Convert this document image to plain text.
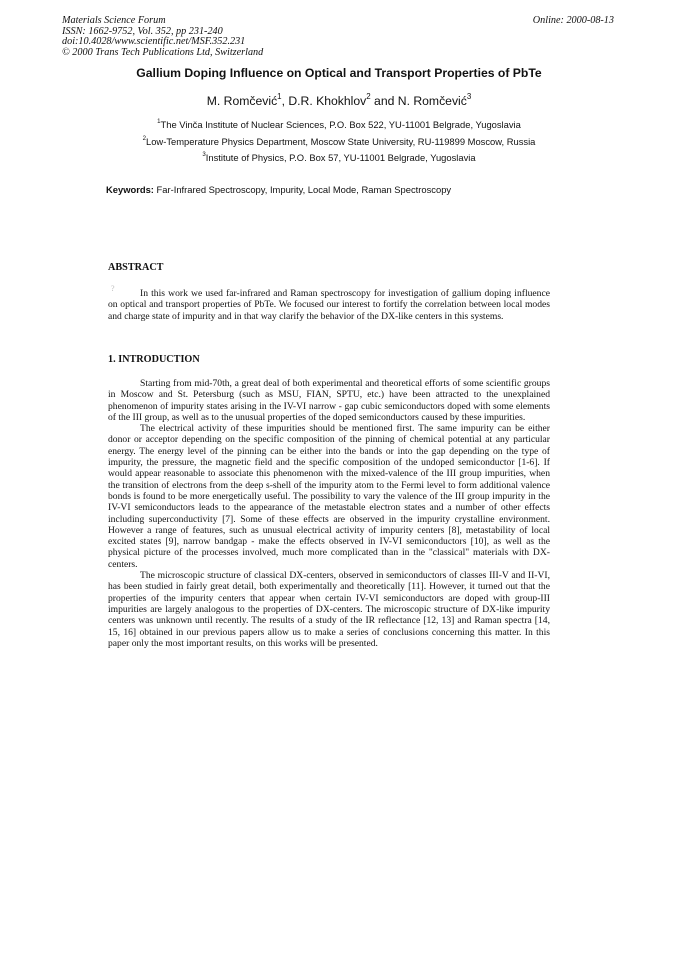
Materials Science Forum
ISSN: 1662-9752, Vol. 352, pp 231-240
doi:10.4028/www.scientific.net/MSF.352.231
© 2000 Trans Tech Publications Ltd, Switzerland
Online: 2000-08-13
Gallium Doping Influence on Optical and Transport Properties of PbTe
M. Romčević$^1$, D.R. Khokhlov$^2$ and N. Romčević$^3$
$^1$The Vinča Institute of Nuclear Sciences, P.O. Box 522, YU-11001 Belgrade, Yugoslavia
$^2$Low-Temperature Physics Department, Moscow State University, RU-119899 Moscow, Russia
$^3$Institute of Physics, P.O. Box 57, YU-11001 Belgrade, Yugoslavia
Keywords: Far-Infrared Spectroscopy, Impurity, Local Mode, Raman Spectroscopy
ABSTRACT
?	In this work we used far-infrared and Raman spectroscopy for investigation of gallium doping influence on optical and transport properties of PbTe. We focused our interest to fortify the correlation between local modes and charge state of impurity and in that way clarify the behavior of the DX-like centers in this systems.

1. INTRODUCTION

Starting from mid-70th, a great deal of both experimental and theoretical efforts of some scientific groups in Moscow and St. Petersburg (such as MSU, FIAN, SPTU, etc.) have been attracted to the unexplained phenomenon of impurity states arising in the IV-VI narrow - gap cubic semiconductors doped with some elements of the III group, as well as to the unusual properties of the doped semiconductors caused by these impurities.

The electrical activity of these impurities should be mentioned first. The same impurity can be either donor or acceptor depending on the specific composition of the pinning of chemical potential at any particular energy. The energy level of the pinning can be either into the bands or into the gap depending on the type of impurity, the pressure, the magnetic field and the specific composition of the undoped semiconductor [1-6]. If would appear reasonable to associate this phenomenon with the mixed-valence of the III group impurities, when the transition of electrons from the deep s-shell of the impurity atom to the Fermi level to form additional valence bonds is found to be more energetically useful. The possibility to vary the valence of the III group impurity in the IV-VI semiconductors leads to the appearance of the metastable electron states and a number of other effects including superconductivity [7]. Some of these effects are observed in the impurity crystalline environment. However a range of features, such as unusual electrical activity of impurity centers [8], metastability of local excited states [9], narrow bandgap - make the effects observed in IV-VI semiconductors [10], as well as the physical picture of the processes involved, much more complicated than in the "classical" materials with DX-centers.

The microscopic structure of classical DX-centers, observed in semiconductors of classes III-V and II-VI, has been studied in fairly great detail, both experimentally and theoretically [11]. However, it turned out that the properties of the impurity centers that appear when certain IV-VI semiconductors are doped with group-III impurities are largely analogous to the properties of DX-centers. The microscopic structure of DX-like impurity centers was unknown until recently. The results of a study of the IR reflectance [12, 13] and Raman spectra [14, 15, 16] obtained in our previous papers allow us to make a series of conclusions concerning this matter. In this paper only the most important results, on this works will be presented.
